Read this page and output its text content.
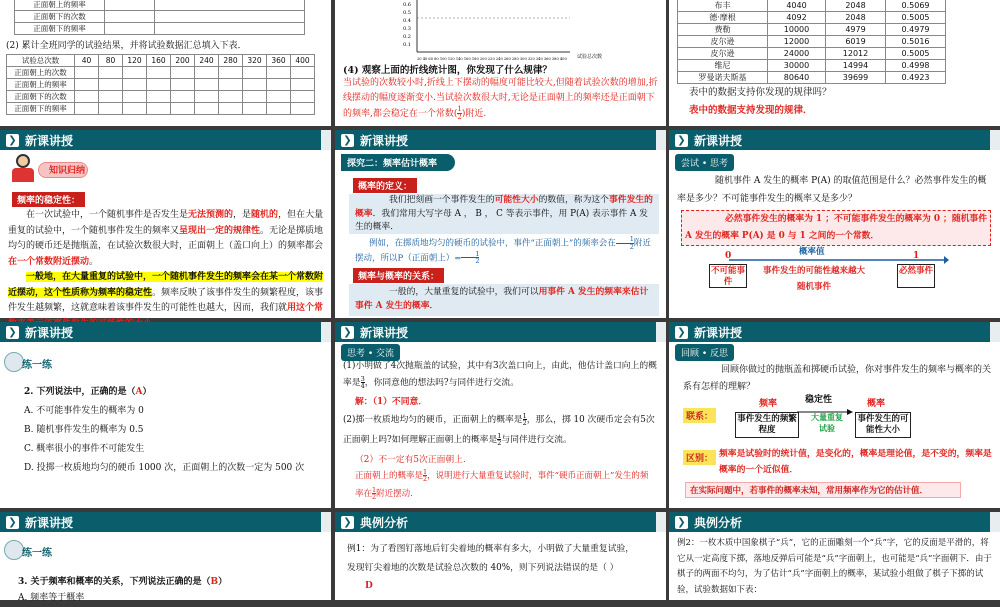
正面朝上的频率		
正面朝下的次数		
正面朝下的频率		
(2) 累计全班同学的试验结果，并将试验数据汇总填入下表．
试验总次数	40	80	120	160	200	240	280	320	360	400
正面朝上的次数										
正面朝上的频率										
正面朝下的次数										
正面朝下的频率										
0.6
0.5
0.4
0.3
0.2
0.1
20 40 60 80 100 120 140 160 180 200 220 240 260 280 300 320 340 360 380 400 试验总次数
(4) 观察上面的折线统计图，你发现了什么规律？
当试验的次数较小时,折线上下摆动的幅度可能比较大,但随着试验次数的增加,折线摆动的幅度逐渐变小.当试验次数很大时,无论是正面朝上的频率还是正面朝下的频率,都会稳定在一个常数( $\frac{1}{2}$ )附近.
布丰	4040	2048	0.5069
德·摩根	4092	2048	0.5005
费勒	10000	4979	0.4979
皮尔逊	12000	6019	0.5016
皮尔逊	24000	12012	0.5005
维尼	30000	14994	0.4998
罗曼诺夫斯基	80640	39699	0.4923
表中的数据支持你发现的规律吗？
表中的数据支持发现的规律．
❯ 新课讲授
知识归纳
频率的稳定性：
在一次试验中，一个随机事件是否发生是无法预测的，是随机的，但在大量重复的试验中，一个随机事件发生的频率又呈现出一定的规律性。无论是掷质地均匀的硬币还是抛瓶盖，在试验次数很大时，正面朝上（盖口向上）的频率都会在一个常数附近摆动。
一般地，在大量重复的试验中，一个随机事件发生的频率会在某一个常数附近摆动，这个性质称为频率的稳定性。频率反映了该事件发生的频繁程度，该事件发生越频繁，这就意味着该事件发生的可能性也越大，因而，我们就用这个常
❯ 新课讲授
探究二：频率估计概率
概率的定义：
我们把刻画一个事件发生的可能性大小的数值，称为这个事件发生的概率．我们常用大写字母 A ， B ， C 等表示事件，用 P(A) 表示事件 A 发生的概率．
例如，在掷质地均匀的硬币的试验中，事件“正面朝上”的频率会在 $\frac{1}{2}$ 附近摆动，所以P（正面朝上）= $\frac{1}{2}$
频率与概率的关系：
一般的，大量重复的试验中，我们可以用事件 A 发生的频率来估计事件 A 发生的概率．
❯ 新课讲授
尝试 • 思考
随机事件 A 发生的概率 P(A) 的取值范围是什么？必然事件发生的概率是多少？不可能事件发生的概率又是多少？
必然事件发生的概率为 1 ；不可能事件发生的概率为 0 ；随机事件 A 发生的概率 P(A) 是 0 与 1 之间的一个常数．
概率值
0	1
不可能事件
事件发生的可能性越来越大	必然事件
随机事件
❯ 新课讲授
练一练
2. 下列说法中，正确的是（A）
A. 不可能事件发生的概率为 0
B. 随机事件发生的概率为 0.5
C. 概率很小的事件不可能发生
D. 投掷一枚质地均匀的硬币 1000 次，正面朝上的次数一定为 500 次
❯ 新课讲授
思考 • 交流
(1)小明做了4次抛瓶盖的试验，其中有3次盖口向上，由此，他估计盖口向上的概率是 $\frac{3}{4}$ ，你同意他的想法吗?与同伴进行交流。
解：（1）不同意．
(2)掷一枚质地均匀的硬币，正面朝上的概率是 $\frac{1}{2}$ ，那么，掷 10 次硬币定会有5次正面朝上吗?如何理解正面朝上的概率是 $\frac{1}{2}$ 与同伴进行交流。
（2）不一定有5次正面朝上.
正面朝上的概率是 $\frac{1}{2}$ ，说明进行大量重复试验时，事件“硬币正面朝上”发生的频率在 $\frac{1}{2}$ 附近摆动.
❯ 新课讲授
回顾 • 反思
回顾你做过的抛瓶盖和掷硬币试验，你对事件发生的频率与概率的关系有怎样的理解？
联系：
频率	稳定性	概率
事件发生的频繁程度
大量重复试验
事件发生的可能性大小
区别： 频率是试验时的统计值，是变化的，概率是理论值，是不变的，频率是概率的一个近似值．
在实际问题中，若事件的概率未知，常用频率作为它的估计值．
❯ 新课讲授
练一练
3. 关于频率和概率的关系，下列说法正确的是（B）
A. 频率等于概率
❯ 典例分析
例1：为了看图钉落地后钉尖着地的概率有多大，小明做了大量重复试验，发现钉尖着地的次数是试验总次数的 40%，则下列说法错误的是（ ）
D
❯ 典例分析
例2：一枚木质中国象棋子“兵”，它的正面雕刻一个“兵”字，它的反面是平滑的，将它从一定高度下掷，落地反弹后可能是“兵”字面朝上，也可能是“兵”字面朝下．由于棋子的两面不均匀，为了估计“兵”字面朝上的概率，某试验小组做了棋子下掷的试验，试验数据如下表：
